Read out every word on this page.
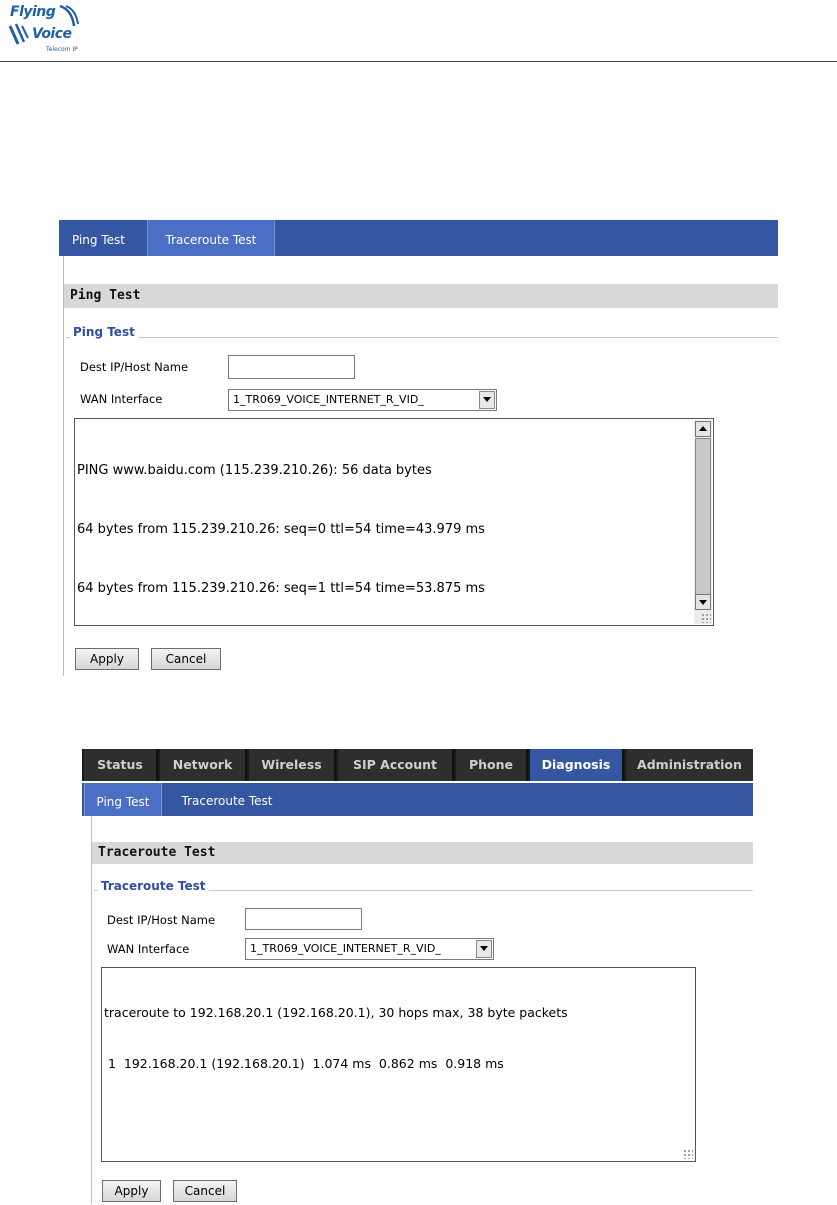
Flying
Voice
Telecom IP
Ping Test	Traceroute Test
Ping Test
Ping Test
Dest IP/Host Name
WAN Interface	1_TR069_VOICE_INTERNET_R_VID_

PING www.baidu.com (115.239.210.26): 56 data bytes

64 bytes from 115.239.210.26: seq=0 ttl=54 time=43.979 ms

64 bytes from 115.239.210.26: seq=1 ttl=54 time=53.875 ms

Apply	Cancel
Status	Network	Wireless	SIP Account	Phone	Diagnosis	Administration
Ping Test	Traceroute Test
Traceroute Test
Traceroute Test
Dest IP/Host Name
WAN Interface	1_TR069_VOICE_INTERNET_R_VID_

traceroute to 192.168.20.1 (192.168.20.1), 30 hops max, 38 byte packets

1  192.168.20.1 (192.168.20.1)  1.074 ms  0.862 ms  0.918 ms

Apply	Cancel
